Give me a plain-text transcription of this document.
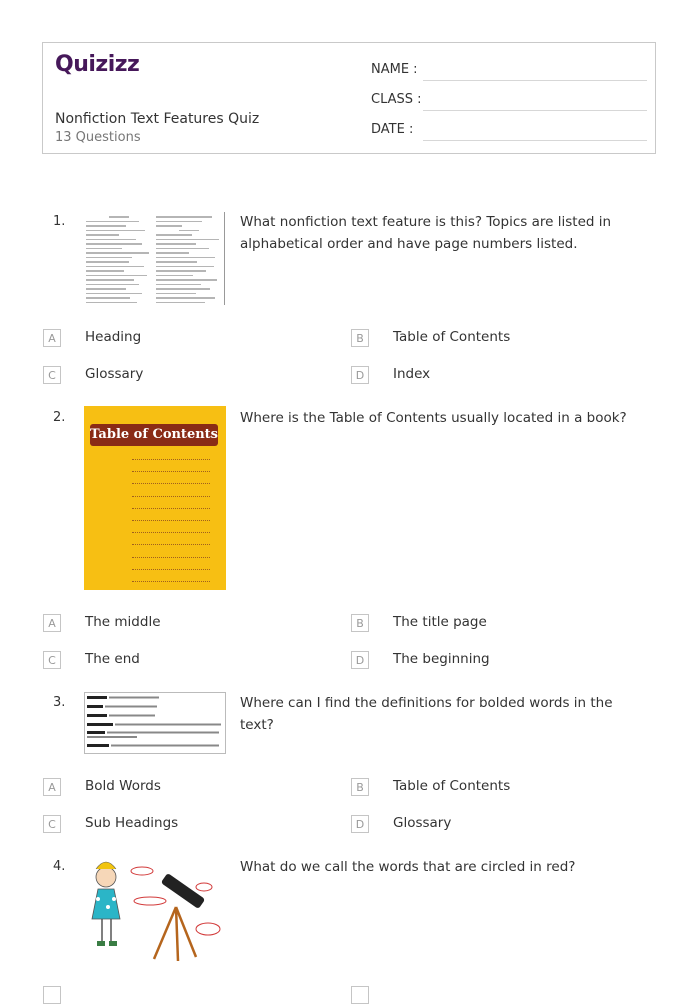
Quizizz
Nonfiction Text Features Quiz
13 Questions
NAME :
CLASS :
DATE :
1.	What nonfiction text feature is this? Topics are listed in alphabetical order and have page numbers listed.
A	Heading	B	Table of Contents
C	Glossary	D	Index
2.
Table of Contents
Where is the Table of Contents usually located in a book?
A	The middle	B	The title page
C	The end	D	The beginning
3.	Where can I find the definitions for bolded words in the text?
A	Bold Words	B	Table of Contents
C	Sub Headings	D	Glossary
4.	What do we call the words that are circled in red?
